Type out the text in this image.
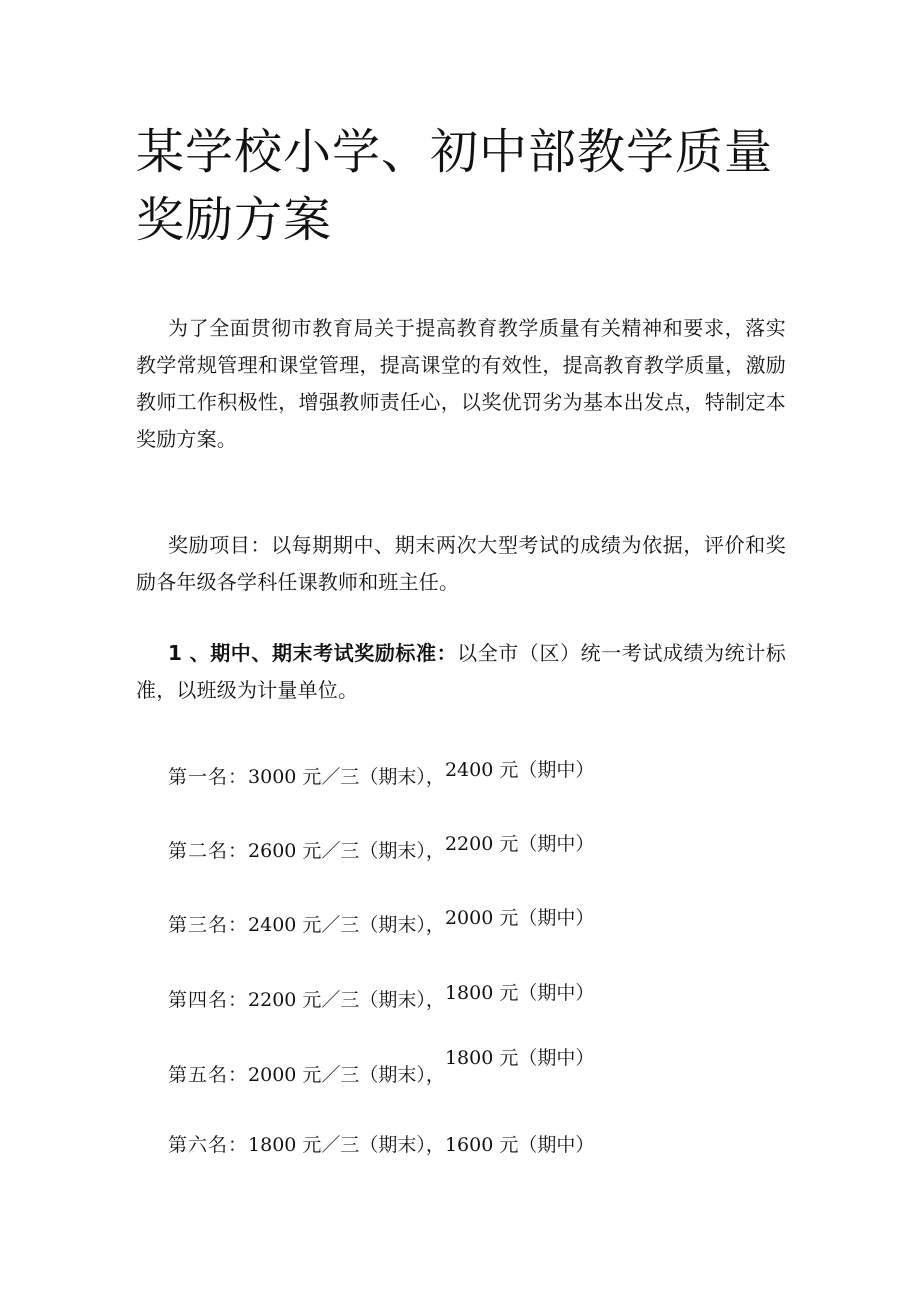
某学校小学、初中部教学质量奖励方案

为了全面贯彻市教育局关于提高教育教学质量有关精神和要求，落实教学常规管理和课堂管理，提高课堂的有效性，提高教育教学质量，激励教师工作积极性，增强教师责任心，以奖优罚劣为基本出发点，特制定本奖励方案。

奖励项目：以每期期中、期末两次大型考试的成绩为依据，评价和奖励各年级各学科任课教师和班主任。

1 、期中、期末考试奖励标准：以全市（区）统一考试成绩为统计标准，以班级为计量单位。

第一名：3000 元／三（期末），2400 元（期中）
第二名：2600 元／三（期末），2200 元（期中）
第三名：2400 元／三（期末），2000 元（期中）
第四名：2200 元／三（期末），1800 元（期中）
第五名：2000 元／三（期末），1800 元（期中）
第六名：1800 元／三（期末），1600 元（期中）
